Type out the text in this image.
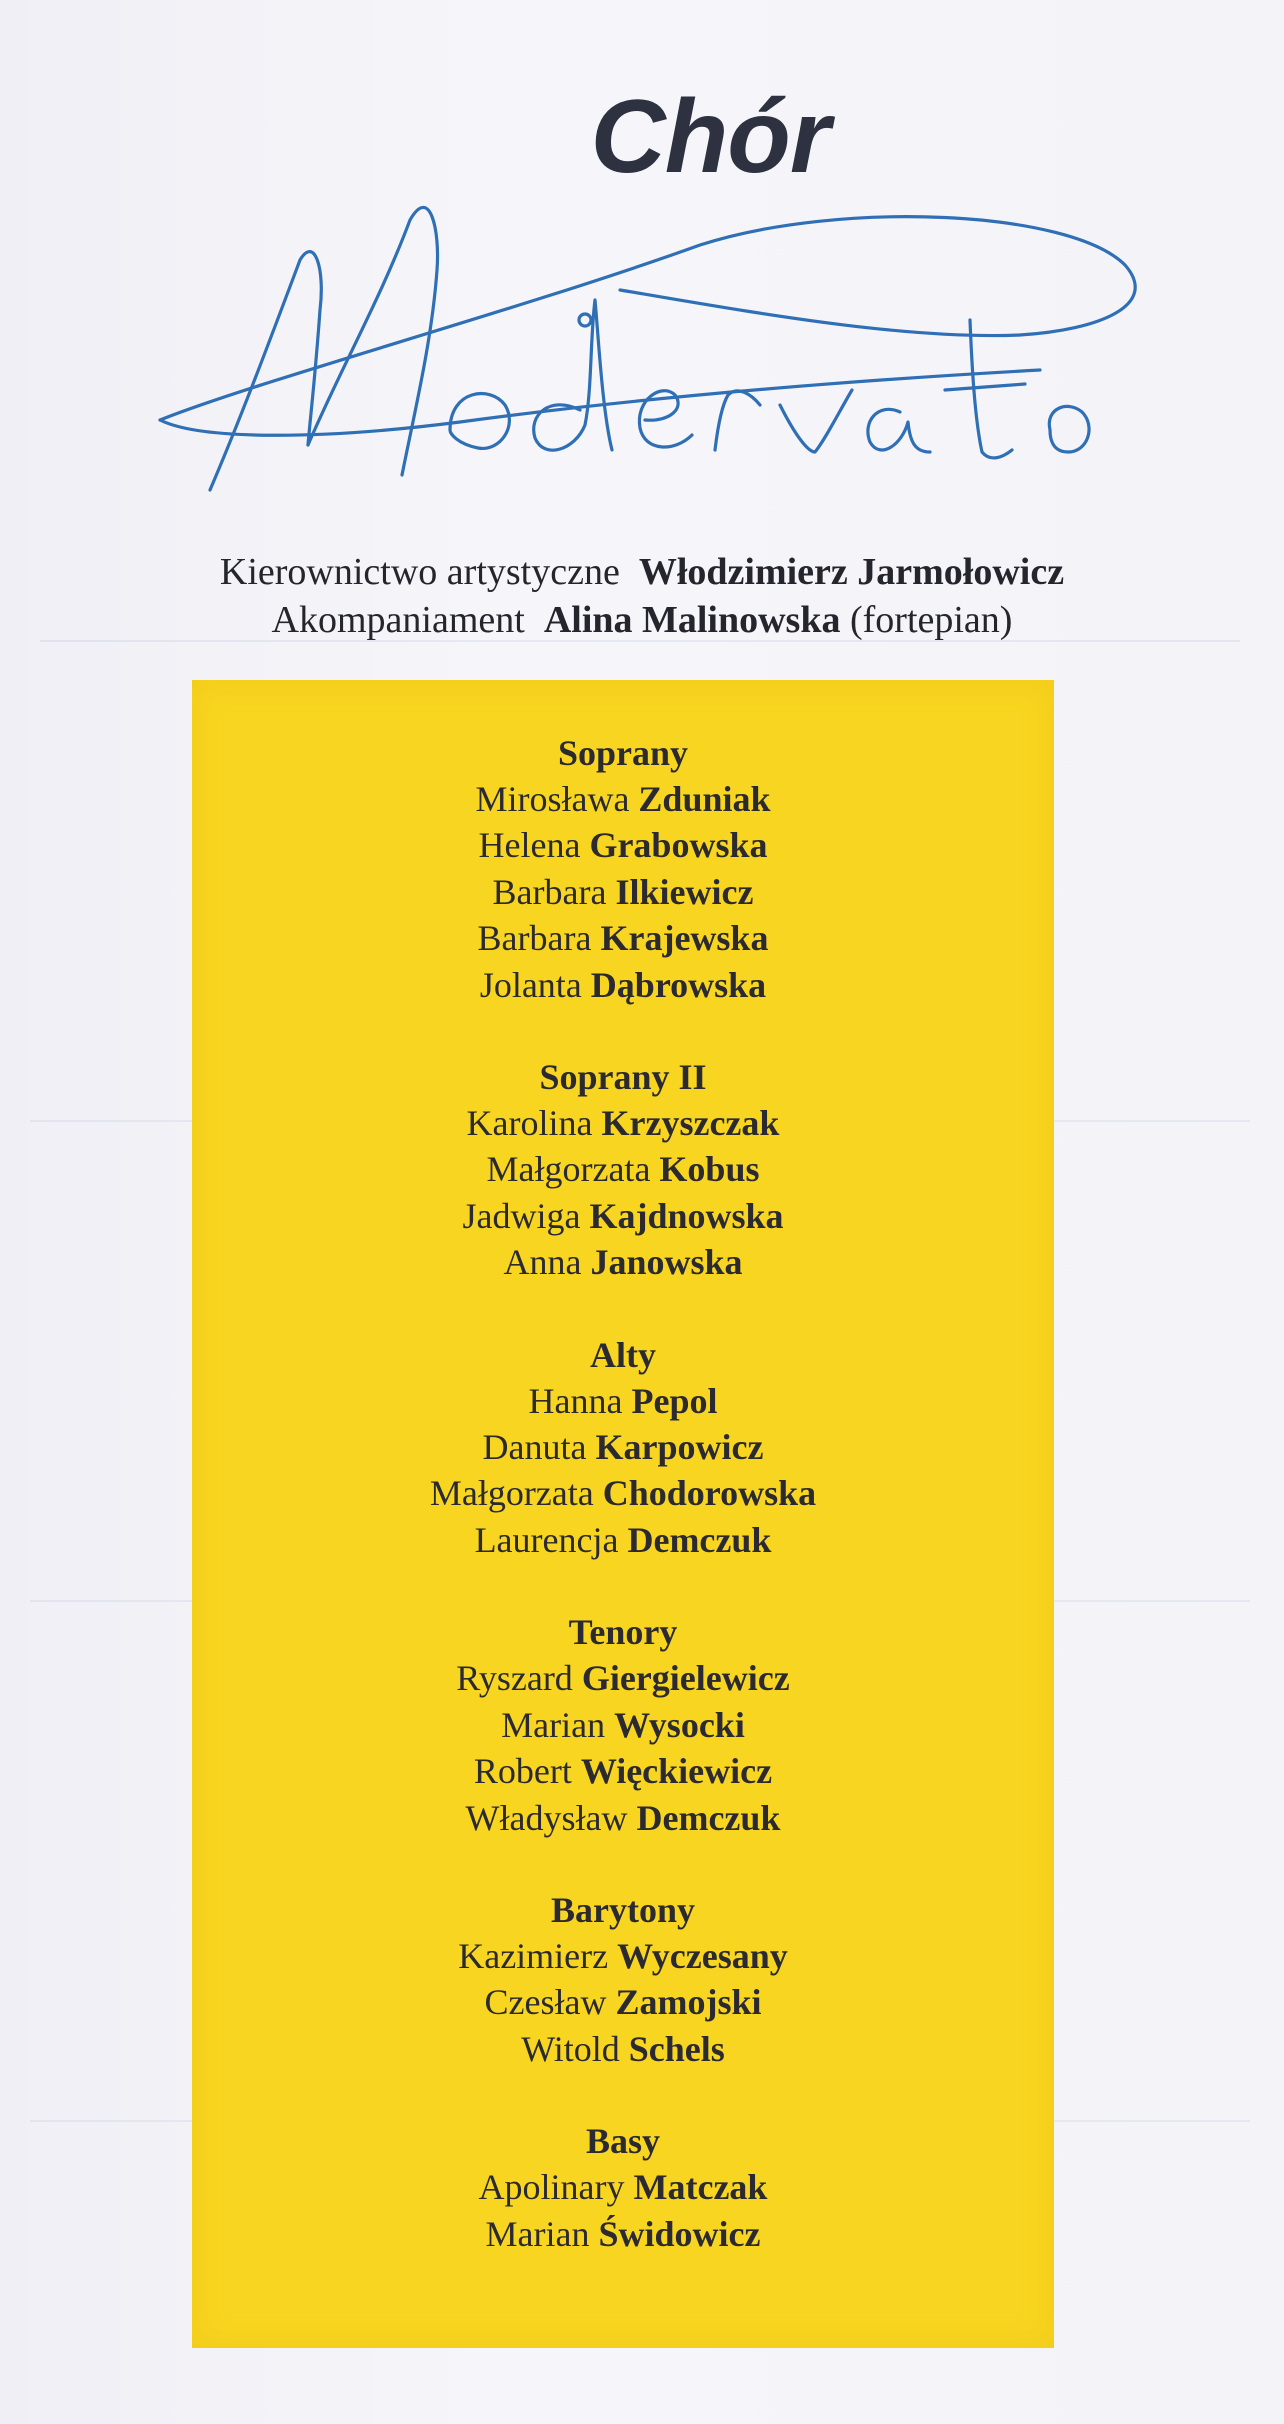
Chór
Kierownictwo artystyczne Włodzimierz Jarmołowicz
Akompaniament Alina Malinowska (fortepian)
Soprany
Mirosława Zduniak
Helena Grabowska
Barbara Ilkiewicz
Barbara Krajewska
Jolanta Dąbrowska
Soprany II
Karolina Krzyszczak
Małgorzata Kobus
Jadwiga Kajdnowska
Anna Janowska
Alty
Hanna Pepol
Danuta Karpowicz
Małgorzata Chodorowska
Laurencja Demczuk
Tenory
Ryszard Giergielewicz
Marian Wysocki
Robert Więckiewicz
Władysław Demczuk
Barytony
Kazimierz Wyczesany
Czesław Zamojski
Witold Schels
Basy
Apolinary Matczak
Marian Świdowicz
